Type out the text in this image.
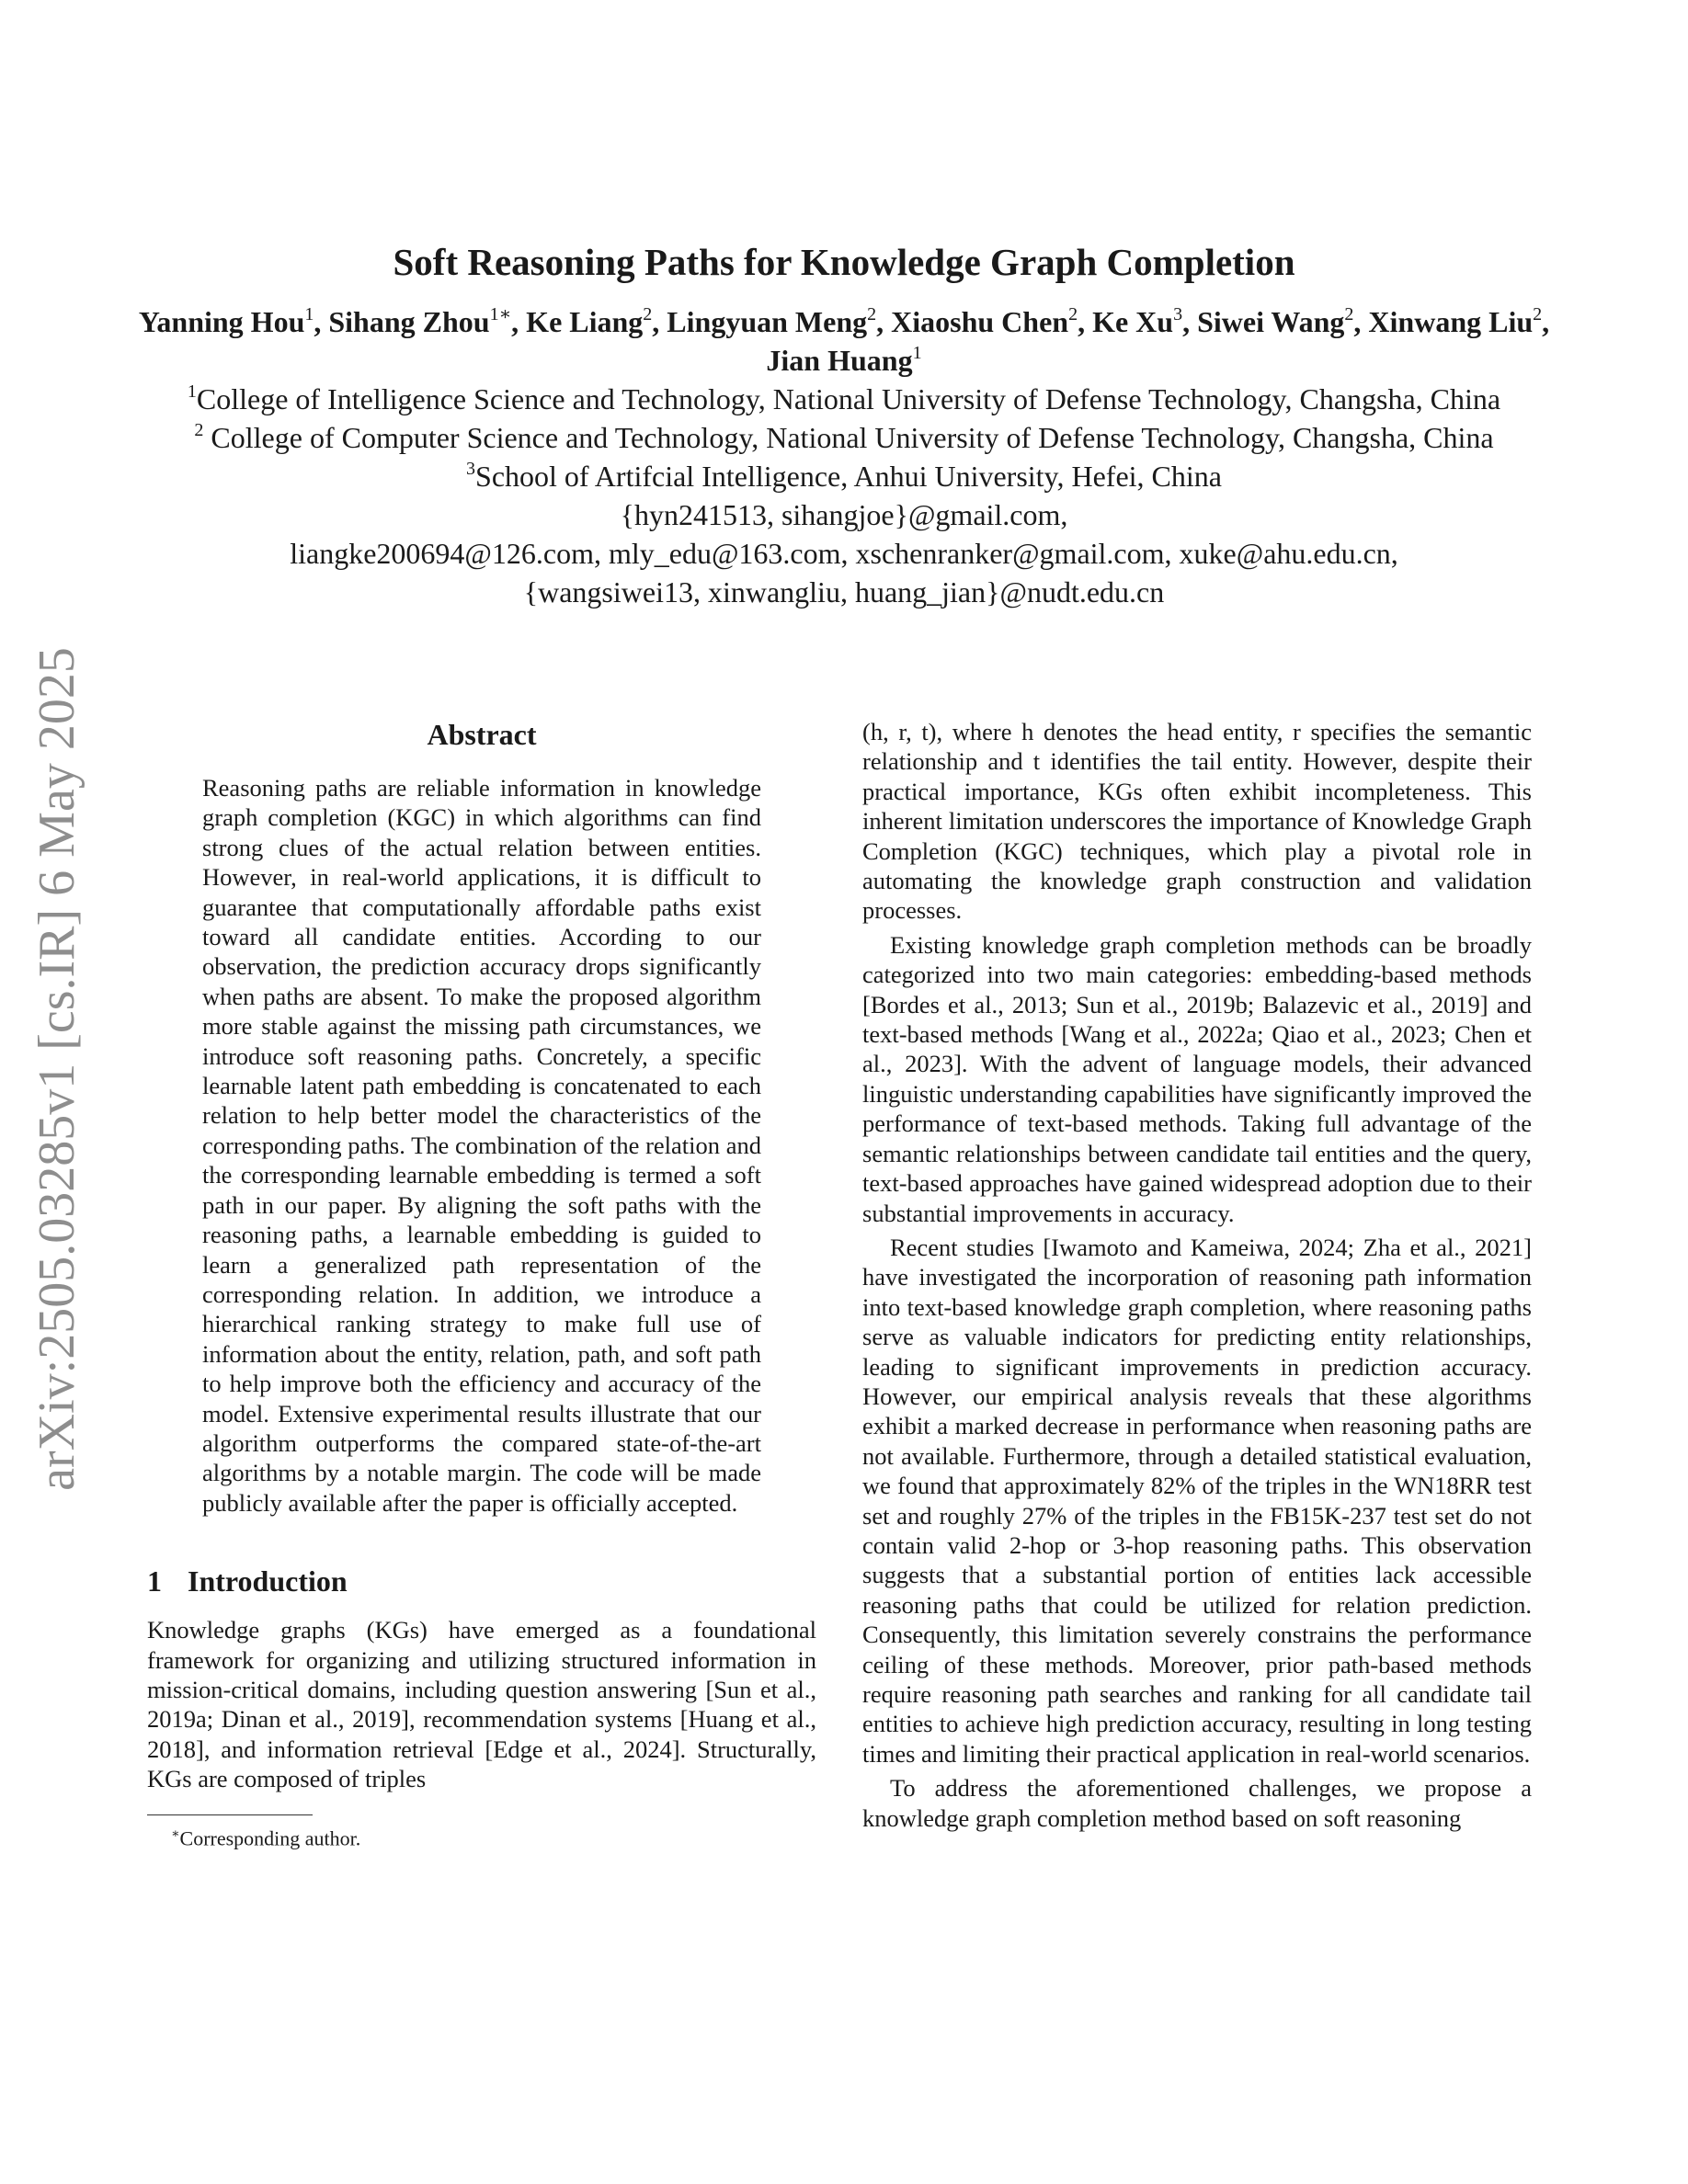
arXiv:2505.03285v1 [cs.IR] 6 May 2025
Soft Reasoning Paths for Knowledge Graph Completion
Yanning Hou$^1$, Sihang Zhou$^{1∗}$, Ke Liang$^2$, Lingyuan Meng$^2$, Xiaoshu Chen$^2$, Ke Xu$^3$, Siwei Wang$^2$, Xinwang Liu$^2$, Jian Huang$^1$
$^1$College of Intelligence Science and Technology, National University of Defense Technology, Changsha, China
$^2$ College of Computer Science and Technology, National University of Defense Technology, Changsha, China
$^3$School of Artifcial Intelligence, Anhui University, Hefei, China
{hyn241513, sihangjoe}@gmail.com,
liangke200694@126.com, mly_edu@163.com, xschenranker@gmail.com, xuke@ahu.edu.cn,
{wangsiwei13, xinwangliu, huang_jian}@nudt.edu.cn
Abstract

Reasoning paths are reliable information in knowledge graph completion (KGC) in which algorithms can find strong clues of the actual relation between entities. However, in real-world applications, it is difficult to guarantee that computationally affordable paths exist toward all candidate entities. According to our observation, the prediction accuracy drops significantly when paths are absent. To make the proposed algorithm more stable against the missing path circumstances, we introduce soft reasoning paths. Concretely, a specific learnable latent path embedding is concatenated to each relation to help better model the characteristics of the corresponding paths. The combination of the relation and the corresponding learnable embedding is termed a soft path in our paper. By aligning the soft paths with the reasoning paths, a learnable embedding is guided to learn a generalized path representation of the corresponding relation. In addition, we introduce a hierarchical ranking strategy to make full use of information about the entity, relation, path, and soft path to help improve both the efficiency and accuracy of the model. Extensive experimental results illustrate that our algorithm outperforms the compared state-of-the-art algorithms by a notable margin. The code will be made publicly available after the paper is officially accepted.

1 Introduction

Knowledge graphs (KGs) have emerged as a foundational framework for organizing and utilizing structured information in mission-critical domains, including question answering [Sun et al., 2019a; Dinan et al., 2019], recommendation systems [Huang et al., 2018], and information retrieval [Edge et al., 2024]. Structurally, KGs are composed of triples

∗Corresponding author.

(h, r, t), where h denotes the head entity, r specifies the semantic relationship and t identifies the tail entity. However, despite their practical importance, KGs often exhibit incompleteness. This inherent limitation underscores the importance of Knowledge Graph Completion (KGC) techniques, which play a pivotal role in automating the knowledge graph construction and validation processes.

Existing knowledge graph completion methods can be broadly categorized into two main categories: embedding-based methods [Bordes et al., 2013; Sun et al., 2019b; Balazevic et al., 2019] and text-based methods [Wang et al., 2022a; Qiao et al., 2023; Chen et al., 2023]. With the advent of language models, their advanced linguistic understanding capabilities have significantly improved the performance of text-based methods. Taking full advantage of the semantic relationships between candidate tail entities and the query, text-based approaches have gained widespread adoption due to their substantial improvements in accuracy.

Recent studies [Iwamoto and Kameiwa, 2024; Zha et al., 2021] have investigated the incorporation of reasoning path information into text-based knowledge graph completion, where reasoning paths serve as valuable indicators for predicting entity relationships, leading to significant improvements in prediction accuracy. However, our empirical analysis reveals that these algorithms exhibit a marked decrease in performance when reasoning paths are not available. Furthermore, through a detailed statistical evaluation, we found that approximately 82% of the triples in the WN18RR test set and roughly 27% of the triples in the FB15K-237 test set do not contain valid 2-hop or 3-hop reasoning paths. This observation suggests that a substantial portion of entities lack accessible reasoning paths that could be utilized for relation prediction. Consequently, this limitation severely constrains the performance ceiling of these methods. Moreover, prior path-based methods require reasoning path searches and ranking for all candidate tail entities to achieve high prediction accuracy, resulting in long testing times and limiting their practical application in real-world scenarios.

To address the aforementioned challenges, we propose a knowledge graph completion method based on soft reasoning
